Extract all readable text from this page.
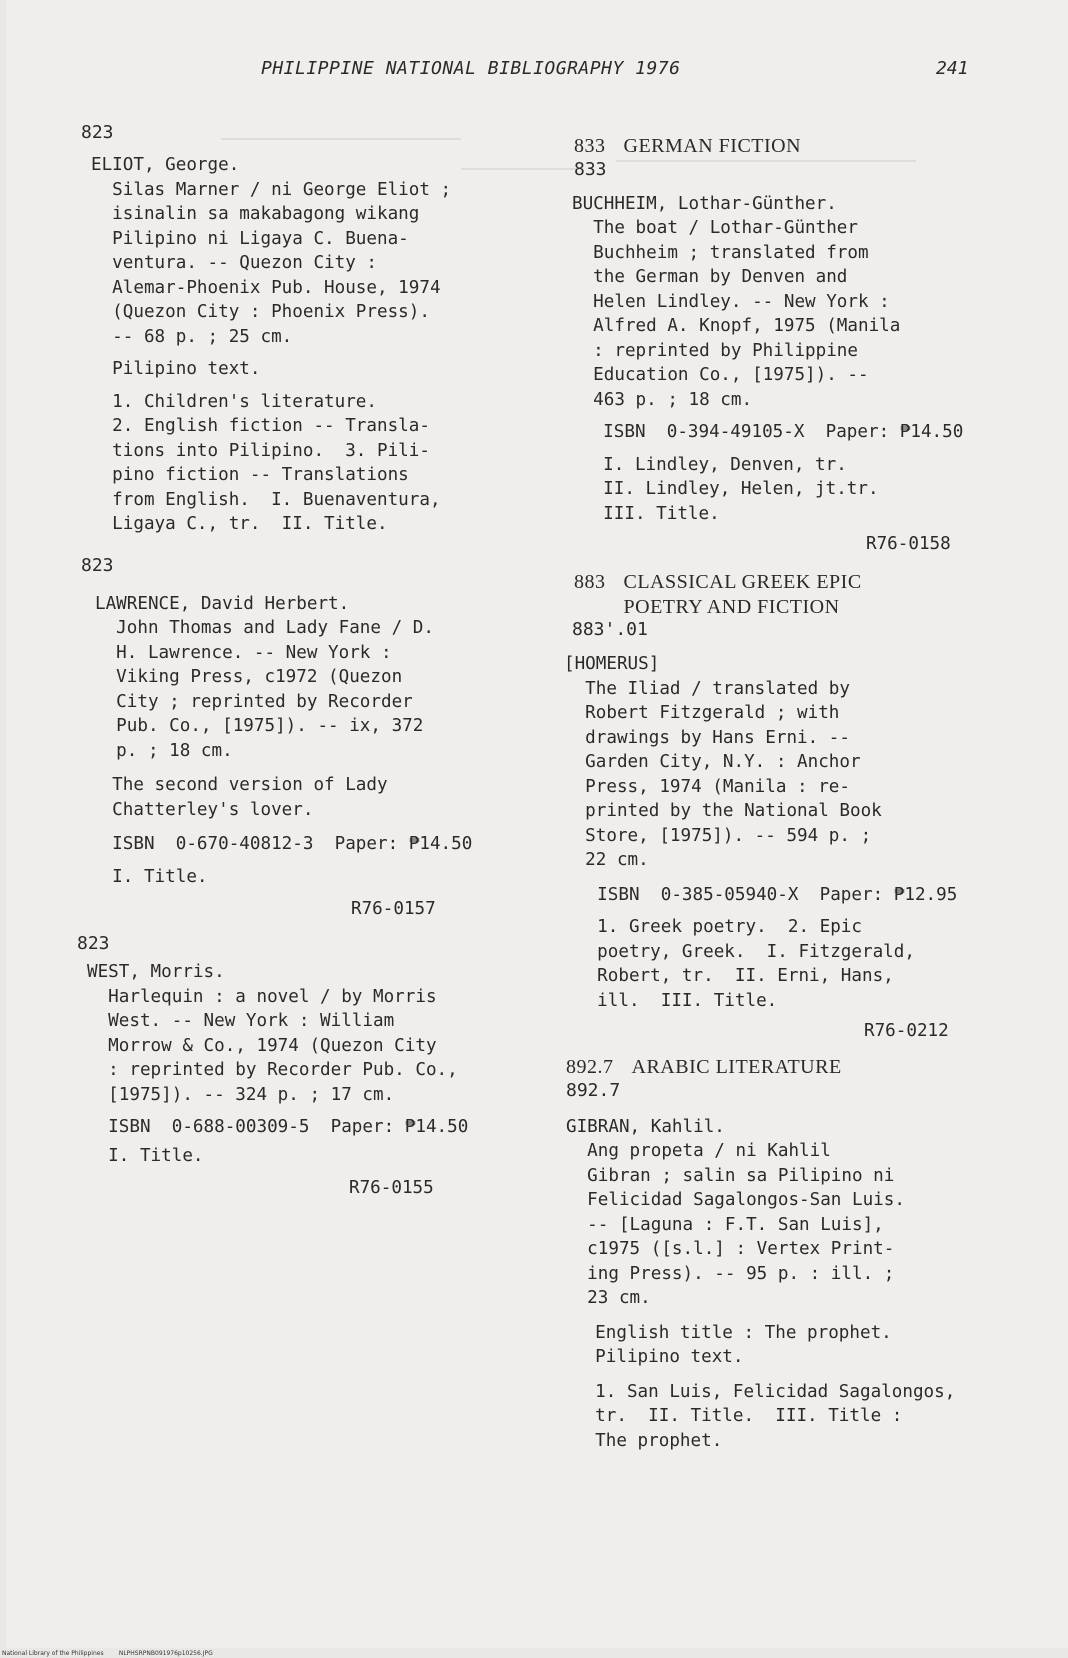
PHILIPPINE NATIONAL BIBLIOGRAPHY 1976	241
823
ELIOT, George.
Silas Marner / ni George Eliot ;
isinalin sa makabagong wikang
Pilipino ni Ligaya C. Buena-
ventura. -- Quezon City :
Alemar-Phoenix Pub. House, 1974
(Quezon City : Phoenix Press).
-- 68 p. ; 25 cm.
Pilipino text.
1. Children's literature.
2. English fiction -- Transla-
tions into Pilipino.  3. Pili-
pino fiction -- Translations
from English.  I. Buenaventura,
Ligaya C., tr.  II. Title.
823
LAWRENCE, David Herbert.
John Thomas and Lady Fane / D.
H. Lawrence. -- New York :
Viking Press, c1972 (Quezon
City ; reprinted by Recorder
Pub. Co., [1975]). -- ix, 372
p. ; 18 cm.
The second version of Lady
Chatterley's lover.
ISBN  0-670-40812-3  Paper: ₱14.50
I. Title.
R76-0157
823
WEST, Morris.
Harlequin : a novel / by Morris
West. -- New York : William
Morrow & Co., 1974 (Quezon City
: reprinted by Recorder Pub. Co.,
[1975]). -- 324 p. ; 17 cm.
ISBN  0-688-00309-5  Paper: ₱14.50
I. Title.
R76-0155
833 GERMAN FICTION
833
BUCHHEIM, Lothar-Günther.
The boat / Lothar-Günther
Buchheim ; translated from
the German by Denven and
Helen Lindley. -- New York :
Alfred A. Knopf, 1975 (Manila
: reprinted by Philippine
Education Co., [1975]). --
463 p. ; 18 cm.
ISBN  0-394-49105-X  Paper: ₱14.50
I. Lindley, Denven, tr.
II. Lindley, Helen, jt.tr.
III. Title.
R76-0158
883 CLASSICAL GREEK EPIC
POETRY AND FICTION
883'.01
[HOMERUS]
The Iliad / translated by
Robert Fitzgerald ; with
drawings by Hans Erni. --
Garden City, N.Y. : Anchor
Press, 1974 (Manila : re-
printed by the National Book
Store, [1975]). -- 594 p. ;
22 cm.
ISBN  0-385-05940-X  Paper: ₱12.95
1. Greek poetry.  2. Epic
poetry, Greek.  I. Fitzgerald,
Robert, tr.  II. Erni, Hans,
ill.  III. Title.
R76-0212
892.7 ARABIC LITERATURE
892.7
GIBRAN, Kahlil.
Ang propeta / ni Kahlil
Gibran ; salin sa Pilipino ni
Felicidad Sagalongos-San Luis.
-- [Laguna : F.T. San Luis],
c1975 ([s.l.] : Vertex Print-
ing Press). -- 95 p. : ill. ;
23 cm.
English title : The prophet.
Pilipino text.
1. San Luis, Felicidad Sagalongos,
tr.  II. Title.  III. Title :
The prophet.
National Library of the Philippines	NLPHSRPNB091976p10256.JPG
